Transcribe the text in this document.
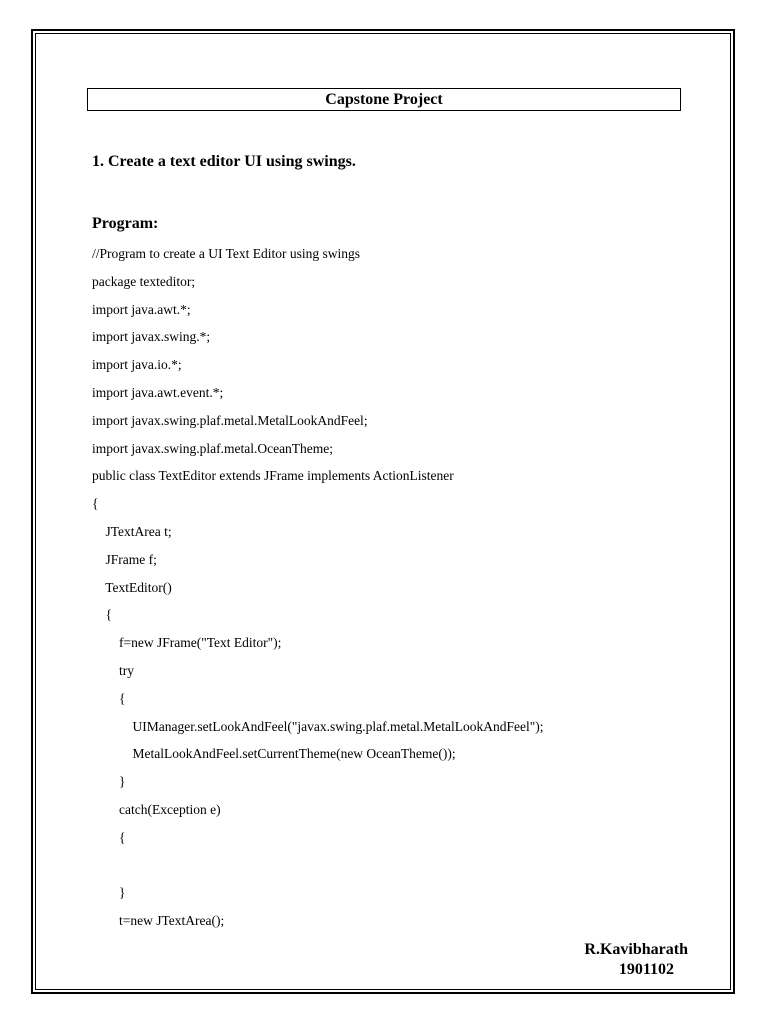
Capstone Project
1. Create a text editor UI using swings.
Program:
//Program to create a UI Text Editor using swings
package texteditor;
import java.awt.*;
import javax.swing.*;
import java.io.*;
import java.awt.event.*;
import javax.swing.plaf.metal.MetalLookAndFeel;
import javax.swing.plaf.metal.OceanTheme;
public class TextEditor extends JFrame implements ActionListener
{
JTextArea t;
JFrame f;
TextEditor()
{
f=new JFrame("Text Editor");
try
{
UIManager.setLookAndFeel("javax.swing.plaf.metal.MetalLookAndFeel");
MetalLookAndFeel.setCurrentTheme(new OceanTheme());
}
catch(Exception e)
{
}
t=new JTextArea();
R.Kavibharath
1901102
